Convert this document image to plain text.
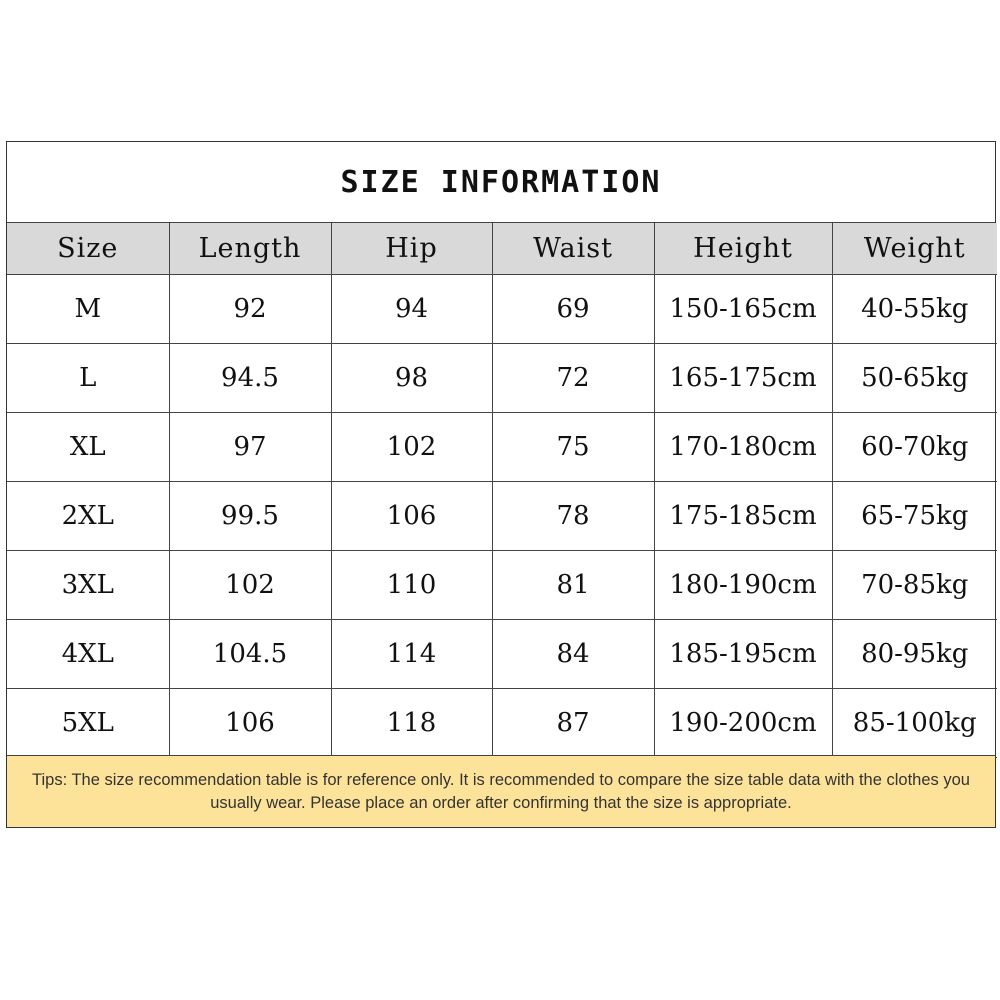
SIZE INFORMATION
Size	Length	Hip	Waist	Height	Weight
M	92	94	69	150-165cm	40-55kg
L	94.5	98	72	165-175cm	50-65kg
XL	97	102	75	170-180cm	60-70kg
2XL	99.5	106	78	175-185cm	65-75kg
3XL	102	110	81	180-190cm	70-85kg
4XL	104.5	114	84	185-195cm	80-95kg
5XL	106	118	87	190-200cm	85-100kg
Tips: The size recommendation table is for reference only. It is recommended to compare the size table data with the clothes you usually wear. Please place an order after confirming that the size is appropriate.
